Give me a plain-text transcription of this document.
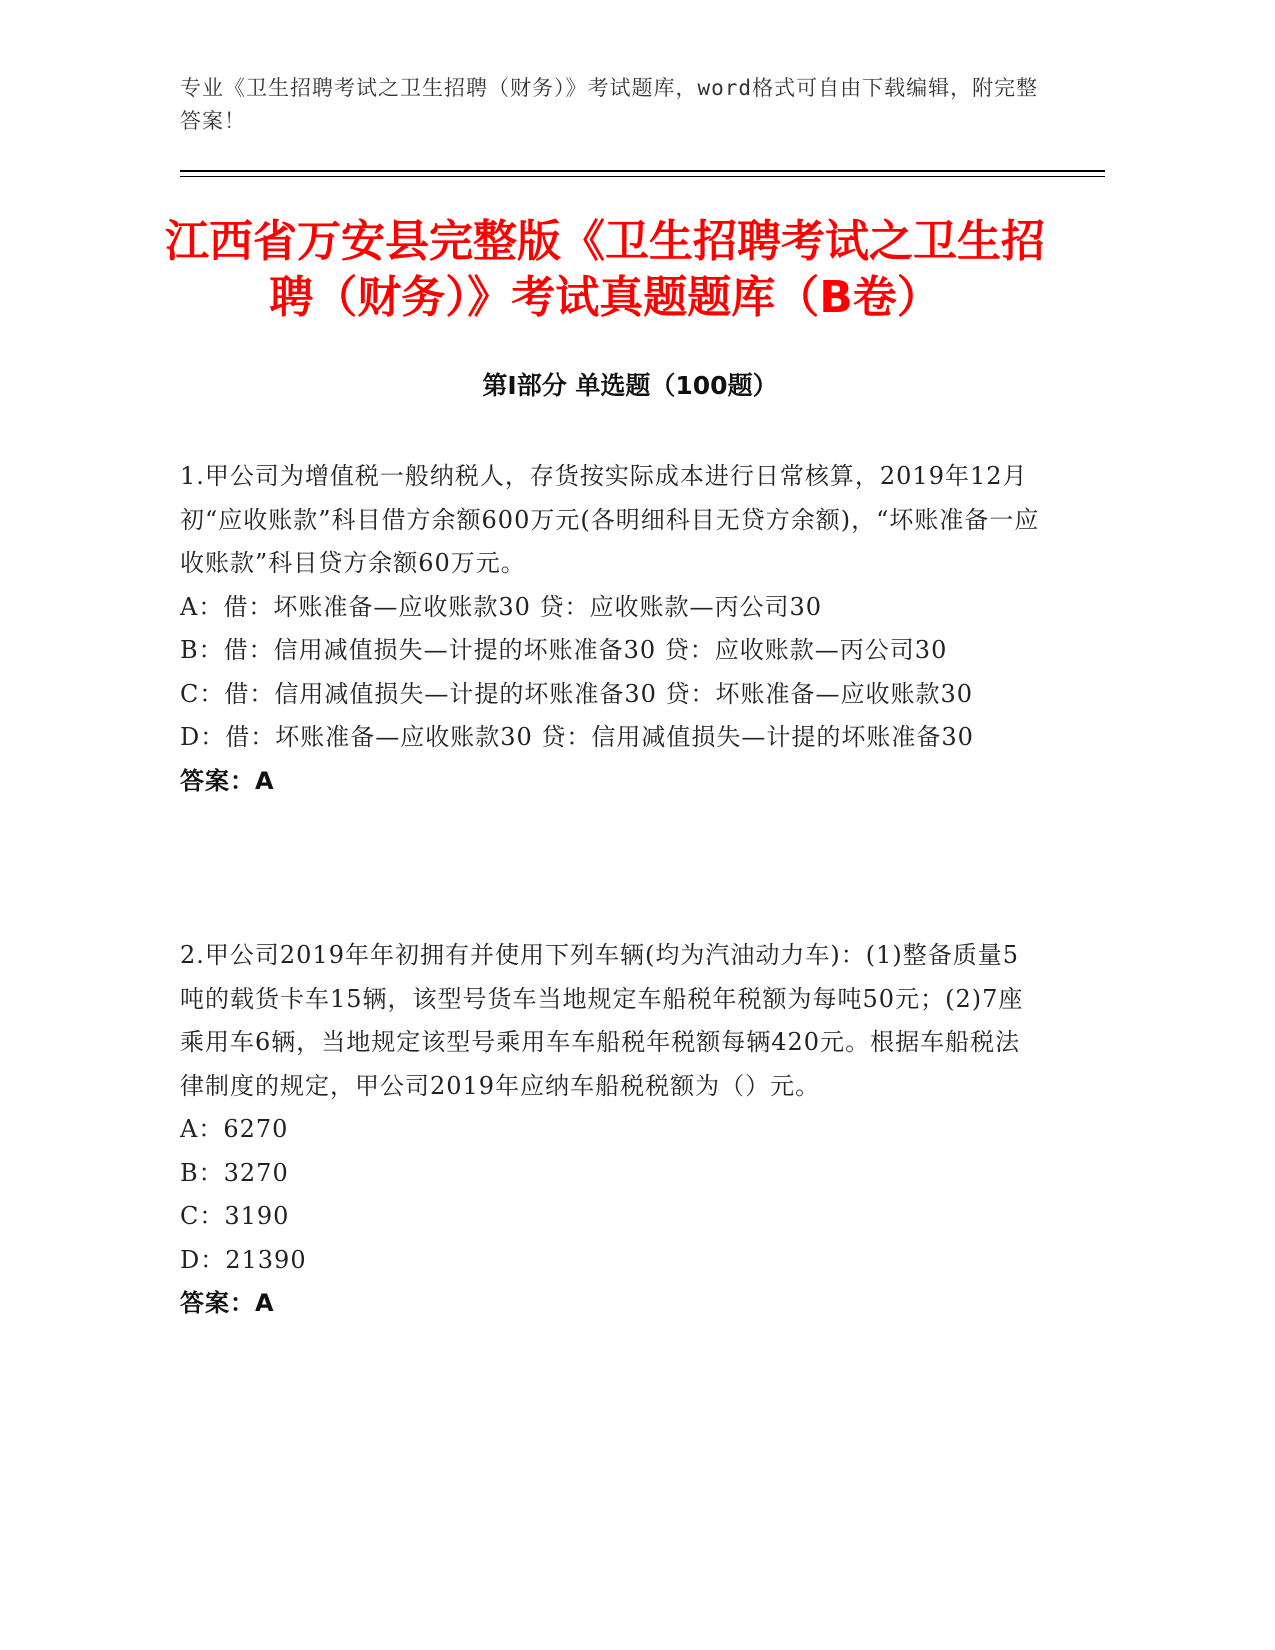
专业《卫生招聘考试之卫生招聘（财务）》考试题库，word格式可自由下载编辑，附完整答案！
江西省万安县完整版《卫生招聘考试之卫生招聘（财务）》考试真题题库（B卷）
第Ⅰ部分 单选题（100题）

1.甲公司为增值税一般纳税人，存货按实际成本进行日常核算，2019年12月初“应收账款”科目借方余额600万元(各明细科目无贷方余额)，“坏账准备一应收账款”科目贷方余额60万元。

A：借：坏账准备—应收账款30 贷：应收账款—丙公司30

B：借：信用减值损失—计提的坏账准备30 贷：应收账款—丙公司30

C：借：信用减值损失—计提的坏账准备30 贷：坏账准备—应收账款30

D：借：坏账准备—应收账款30 贷：信用减值损失—计提的坏账准备30

答案：A

2.甲公司2019年年初拥有并使用下列车辆(均为汽油动力车)：(1)整备质量5吨的载货卡车15辆，该型号货车当地规定车船税年税额为每吨50元；(2)7座乘用车6辆，当地规定该型号乘用车车船税年税额每辆420元。根据车船税法律制度的规定，甲公司2019年应纳车船税税额为（）元。

A：6270

B：3270

C：3190

D：21390

答案：A
